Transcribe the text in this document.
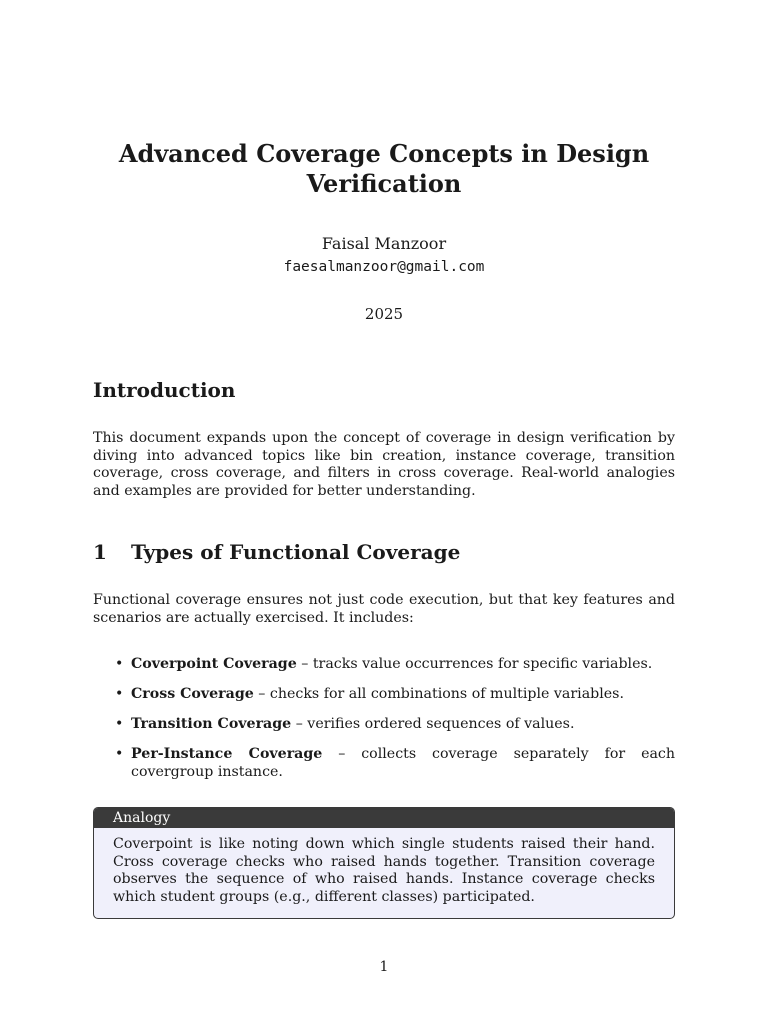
Advanced Coverage Concepts in Design Verification
Faisal Manzoor
faesalmanzoor@gmail.com
2025
Introduction

This document expands upon the concept of coverage in design verification by diving into advanced topics like bin creation, instance coverage, transition coverage, cross coverage, and filters in cross coverage. Real-world analogies and examples are provided for better understanding.

1 Types of Functional Coverage

Functional coverage ensures not just code execution, but that key features and scenarios are actually exercised. It includes:

• Coverpoint Coverage – tracks value occurrences for specific variables.
• Cross Coverage – checks for all combinations of multiple variables.
• Transition Coverage – verifies ordered sequences of values.
• Per-Instance Coverage – collects coverage separately for each covergroup instance.
Analogy
Coverpoint is like noting down which single students raised their hand. Cross coverage checks who raised hands together. Transition coverage observes the sequence of who raised hands. Instance coverage checks which student groups (e.g., different classes) participated.
1
